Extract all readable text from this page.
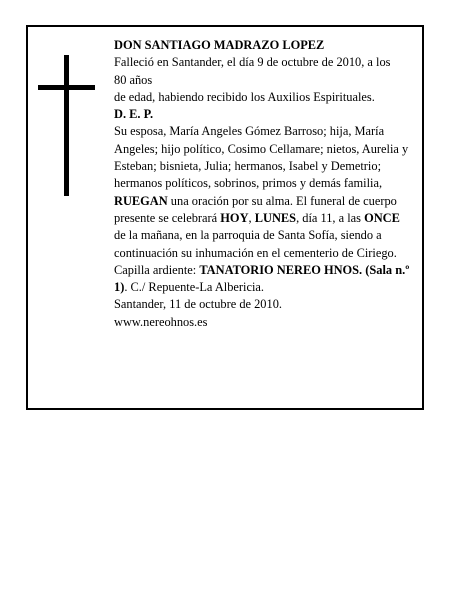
DON SANTIAGO MADRAZO LOPEZ

Falleció en Santander, el día 9 de octubre de 2010, a los

80 años

de edad, habiendo recibido los Auxilios Espirituales.

D. E. P.

Su esposa, María Angeles Gómez Barroso; hija, María Angeles; hijo político, Cosimo Cellamare; nietos, Aurelia y Esteban; bisnieta, Julia; hermanos, Isabel y Demetrio; hermanos políticos, sobrinos, primos y demás familia,

RUEGAN una oración por su alma. El funeral de cuerpo presente se celebrará HOY, LUNES, día 11, a las ONCE de la mañana, en la parroquia de Santa Sofía, siendo a continuación su inhumación en el cementerio de Ciriego.

Capilla ardiente: TANATORIO NEREO HNOS. (Sala n.º 1). C./ Repuente-La Albericia.

Santander, 11 de octubre de 2010.

www.nereohnos.es
